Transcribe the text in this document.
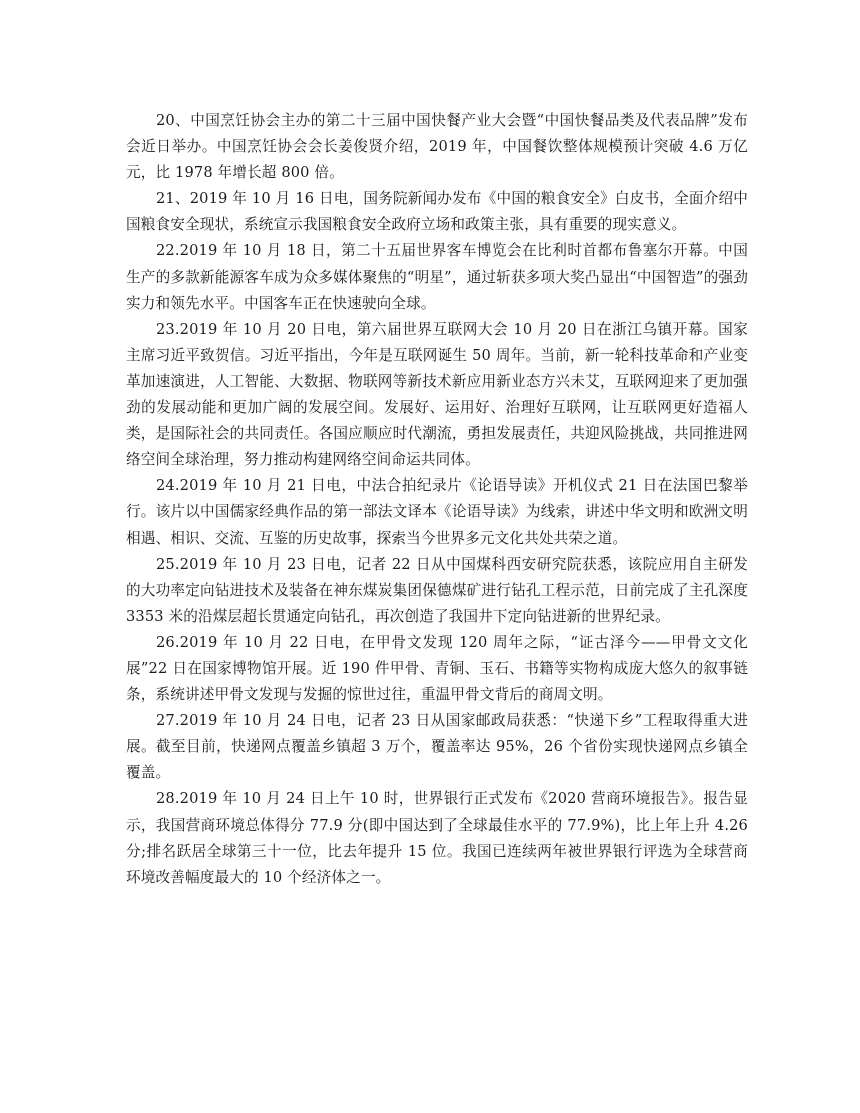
20、中国烹饪协会主办的第二十三届中国快餐产业大会暨“中国快餐品类及代表品牌”发布会近日举办。中国烹饪协会会长姜俊贤介绍，2019 年，中国餐饮整体规模预计突破 4.6 万亿元，比 1978 年增长超 800 倍。

21、2019 年 10 月 16 日电，国务院新闻办发布《中国的粮食安全》白皮书，全面介绍中国粮食安全现状，系统宣示我国粮食安全政府立场和政策主张，具有重要的现实意义。

22.2019 年 10 月 18 日，第二十五届世界客车博览会在比利时首都布鲁塞尔开幕。中国生产的多款新能源客车成为众多媒体聚焦的“明星”，通过斩获多项大奖凸显出“中国智造”的强劲实力和领先水平。中国客车正在快速驶向全球。

23.2019 年 10 月 20 日电，第六届世界互联网大会 10 月 20 日在浙江乌镇开幕。国家主席习近平致贺信。习近平指出，今年是互联网诞生 50 周年。当前，新一轮科技革命和产业变革加速演进，人工智能、大数据、物联网等新技术新应用新业态方兴未艾，互联网迎来了更加强劲的发展动能和更加广阔的发展空间。发展好、运用好、治理好互联网，让互联网更好造福人类，是国际社会的共同责任。各国应顺应时代潮流，勇担发展责任，共迎风险挑战，共同推进网络空间全球治理，努力推动构建网络空间命运共同体。

24.2019 年 10 月 21 日电，中法合拍纪录片《论语导读》开机仪式 21 日在法国巴黎举行。该片以中国儒家经典作品的第一部法文译本《论语导读》为线索，讲述中华文明和欧洲文明相遇、相识、交流、互鉴的历史故事，探索当今世界多元文化共处共荣之道。

25.2019 年 10 月 23 日电，记者 22 日从中国煤科西安研究院获悉，该院应用自主研发的大功率定向钻进技术及装备在神东煤炭集团保德煤矿进行钻孔工程示范，日前完成了主孔深度 3353 米的沿煤层超长贯通定向钻孔，再次创造了我国井下定向钻进新的世界纪录。

26.2019 年 10 月 22 日电，在甲骨文发现 120 周年之际，“证古泽今——甲骨文文化展”22 日在国家博物馆开展。近 190 件甲骨、青铜、玉石、书籍等实物构成庞大悠久的叙事链条，系统讲述甲骨文发现与发掘的惊世过往，重温甲骨文背后的商周文明。

27.2019 年 10 月 24 日电，记者 23 日从国家邮政局获悉：“快递下乡”工程取得重大进展。截至目前，快递网点覆盖乡镇超 3 万个，覆盖率达 95%，26 个省份实现快递网点乡镇全覆盖。

28.2019 年 10 月 24 日上午 10 时，世界银行正式发布《2020 营商环境报告》。报告显示，我国营商环境总体得分 77.9 分(即中国达到了全球最佳水平的 77.9%)，比上年上升 4.26 分;排名跃居全球第三十一位，比去年提升 15 位。我国已连续两年被世界银行评选为全球营商环境改善幅度最大的 10 个经济体之一。
